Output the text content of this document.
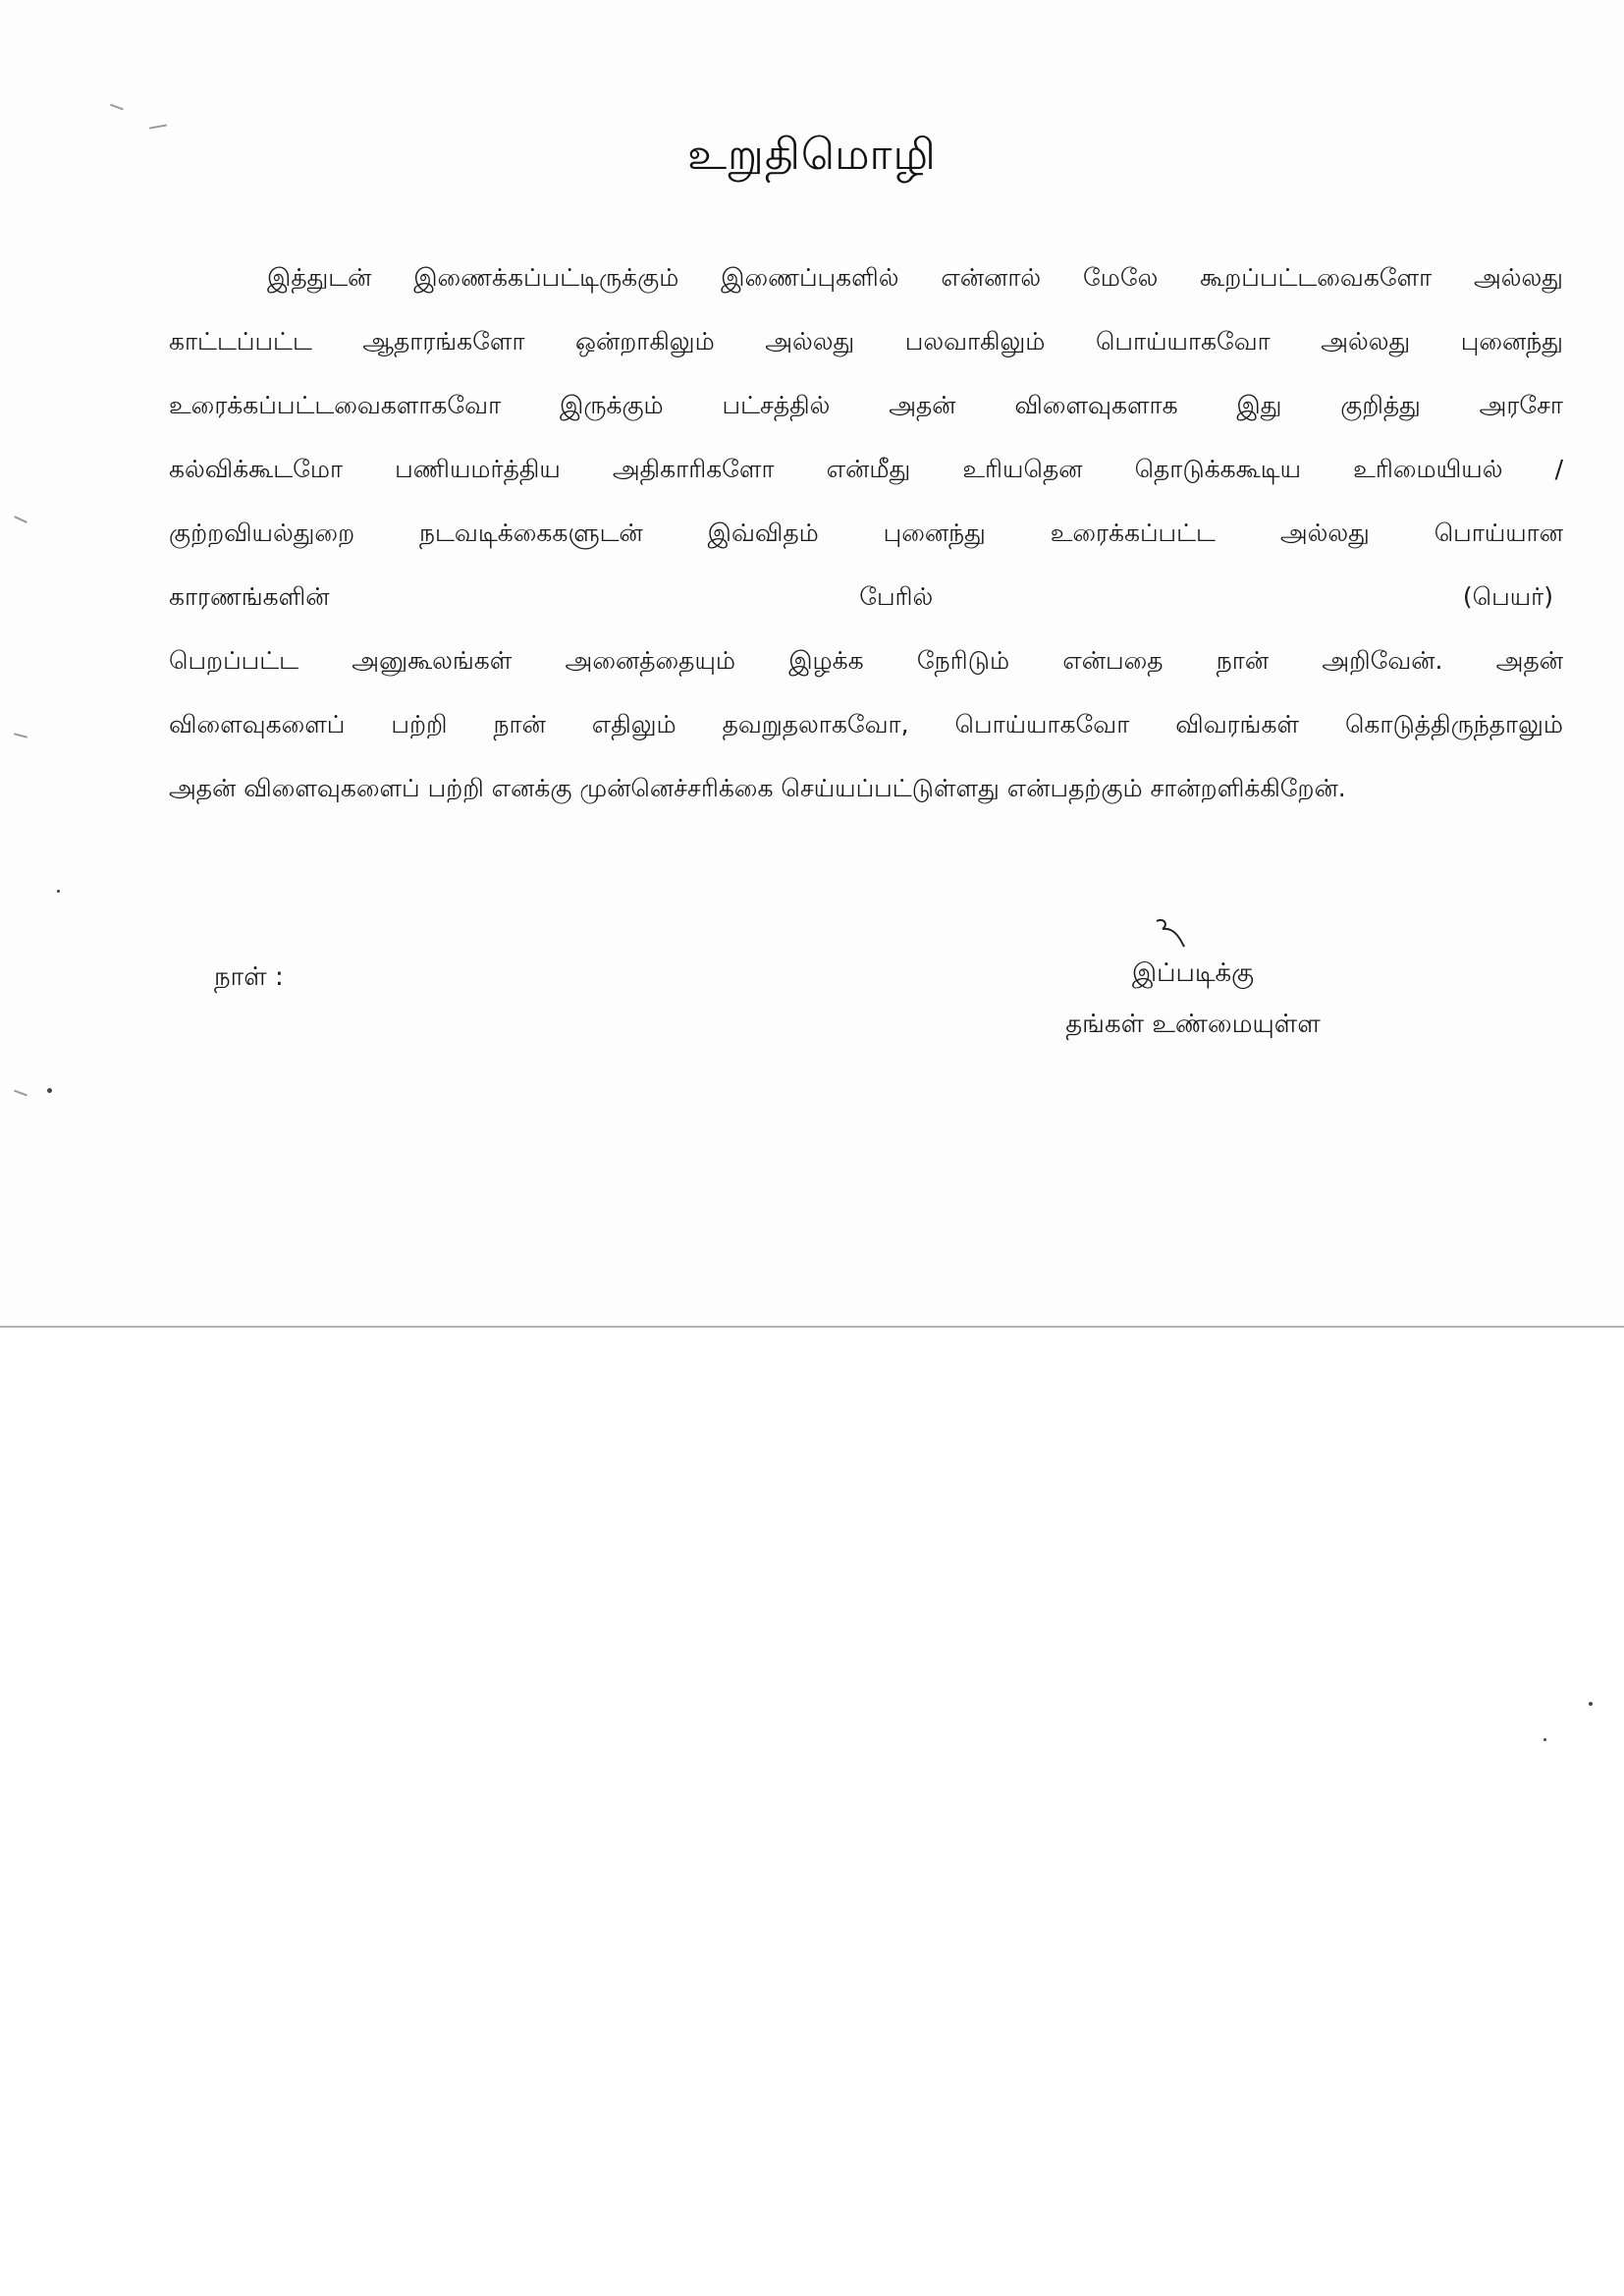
உறுதிமொழி
இத்துடன் இணைக்கப்பட்டிருக்கும் இணைப்புகளில் என்னால் மேலே கூறப்பட்டவைகளோ அல்லது
காட்டப்பட்ட ஆதாரங்களோ ஒன்றாகிலும் அல்லது பலவாகிலும் பொய்யாகவோ அல்லது புனைந்து
உரைக்கப்பட்டவைகளாகவோ இருக்கும் பட்சத்தில் அதன் விளைவுகளாக இது குறித்து அரசோ
கல்விக்கூடமோ பணியமர்த்திய அதிகாரிகளோ என்மீது உரியதென தொடுக்ககூடிய உரிமையியல் /
குற்றவியல்துறை நடவடிக்கைகளுடன் இவ்விதம் புனைந்து உரைக்கப்பட்ட அல்லது பொய்யான
காரணங்களின் பேரில் (பெயர்)
பெறப்பட்ட அனுகூலங்கள் அனைத்தையும் இழக்க நேரிடும் என்பதை நான் அறிவேன். அதன்
விளைவுகளைப் பற்றி நான் எதிலும் தவறுதலாகவோ, பொய்யாகவோ விவரங்கள் கொடுத்திருந்தாலும்
அதன் விளைவுகளைப் பற்றி எனக்கு முன்னெச்சரிக்கை செய்யப்பட்டுள்ளது என்பதற்கும் சான்றளிக்கிறேன்.
நாள் :	இப்படிக்கு
தங்கள் உண்மையுள்ள
